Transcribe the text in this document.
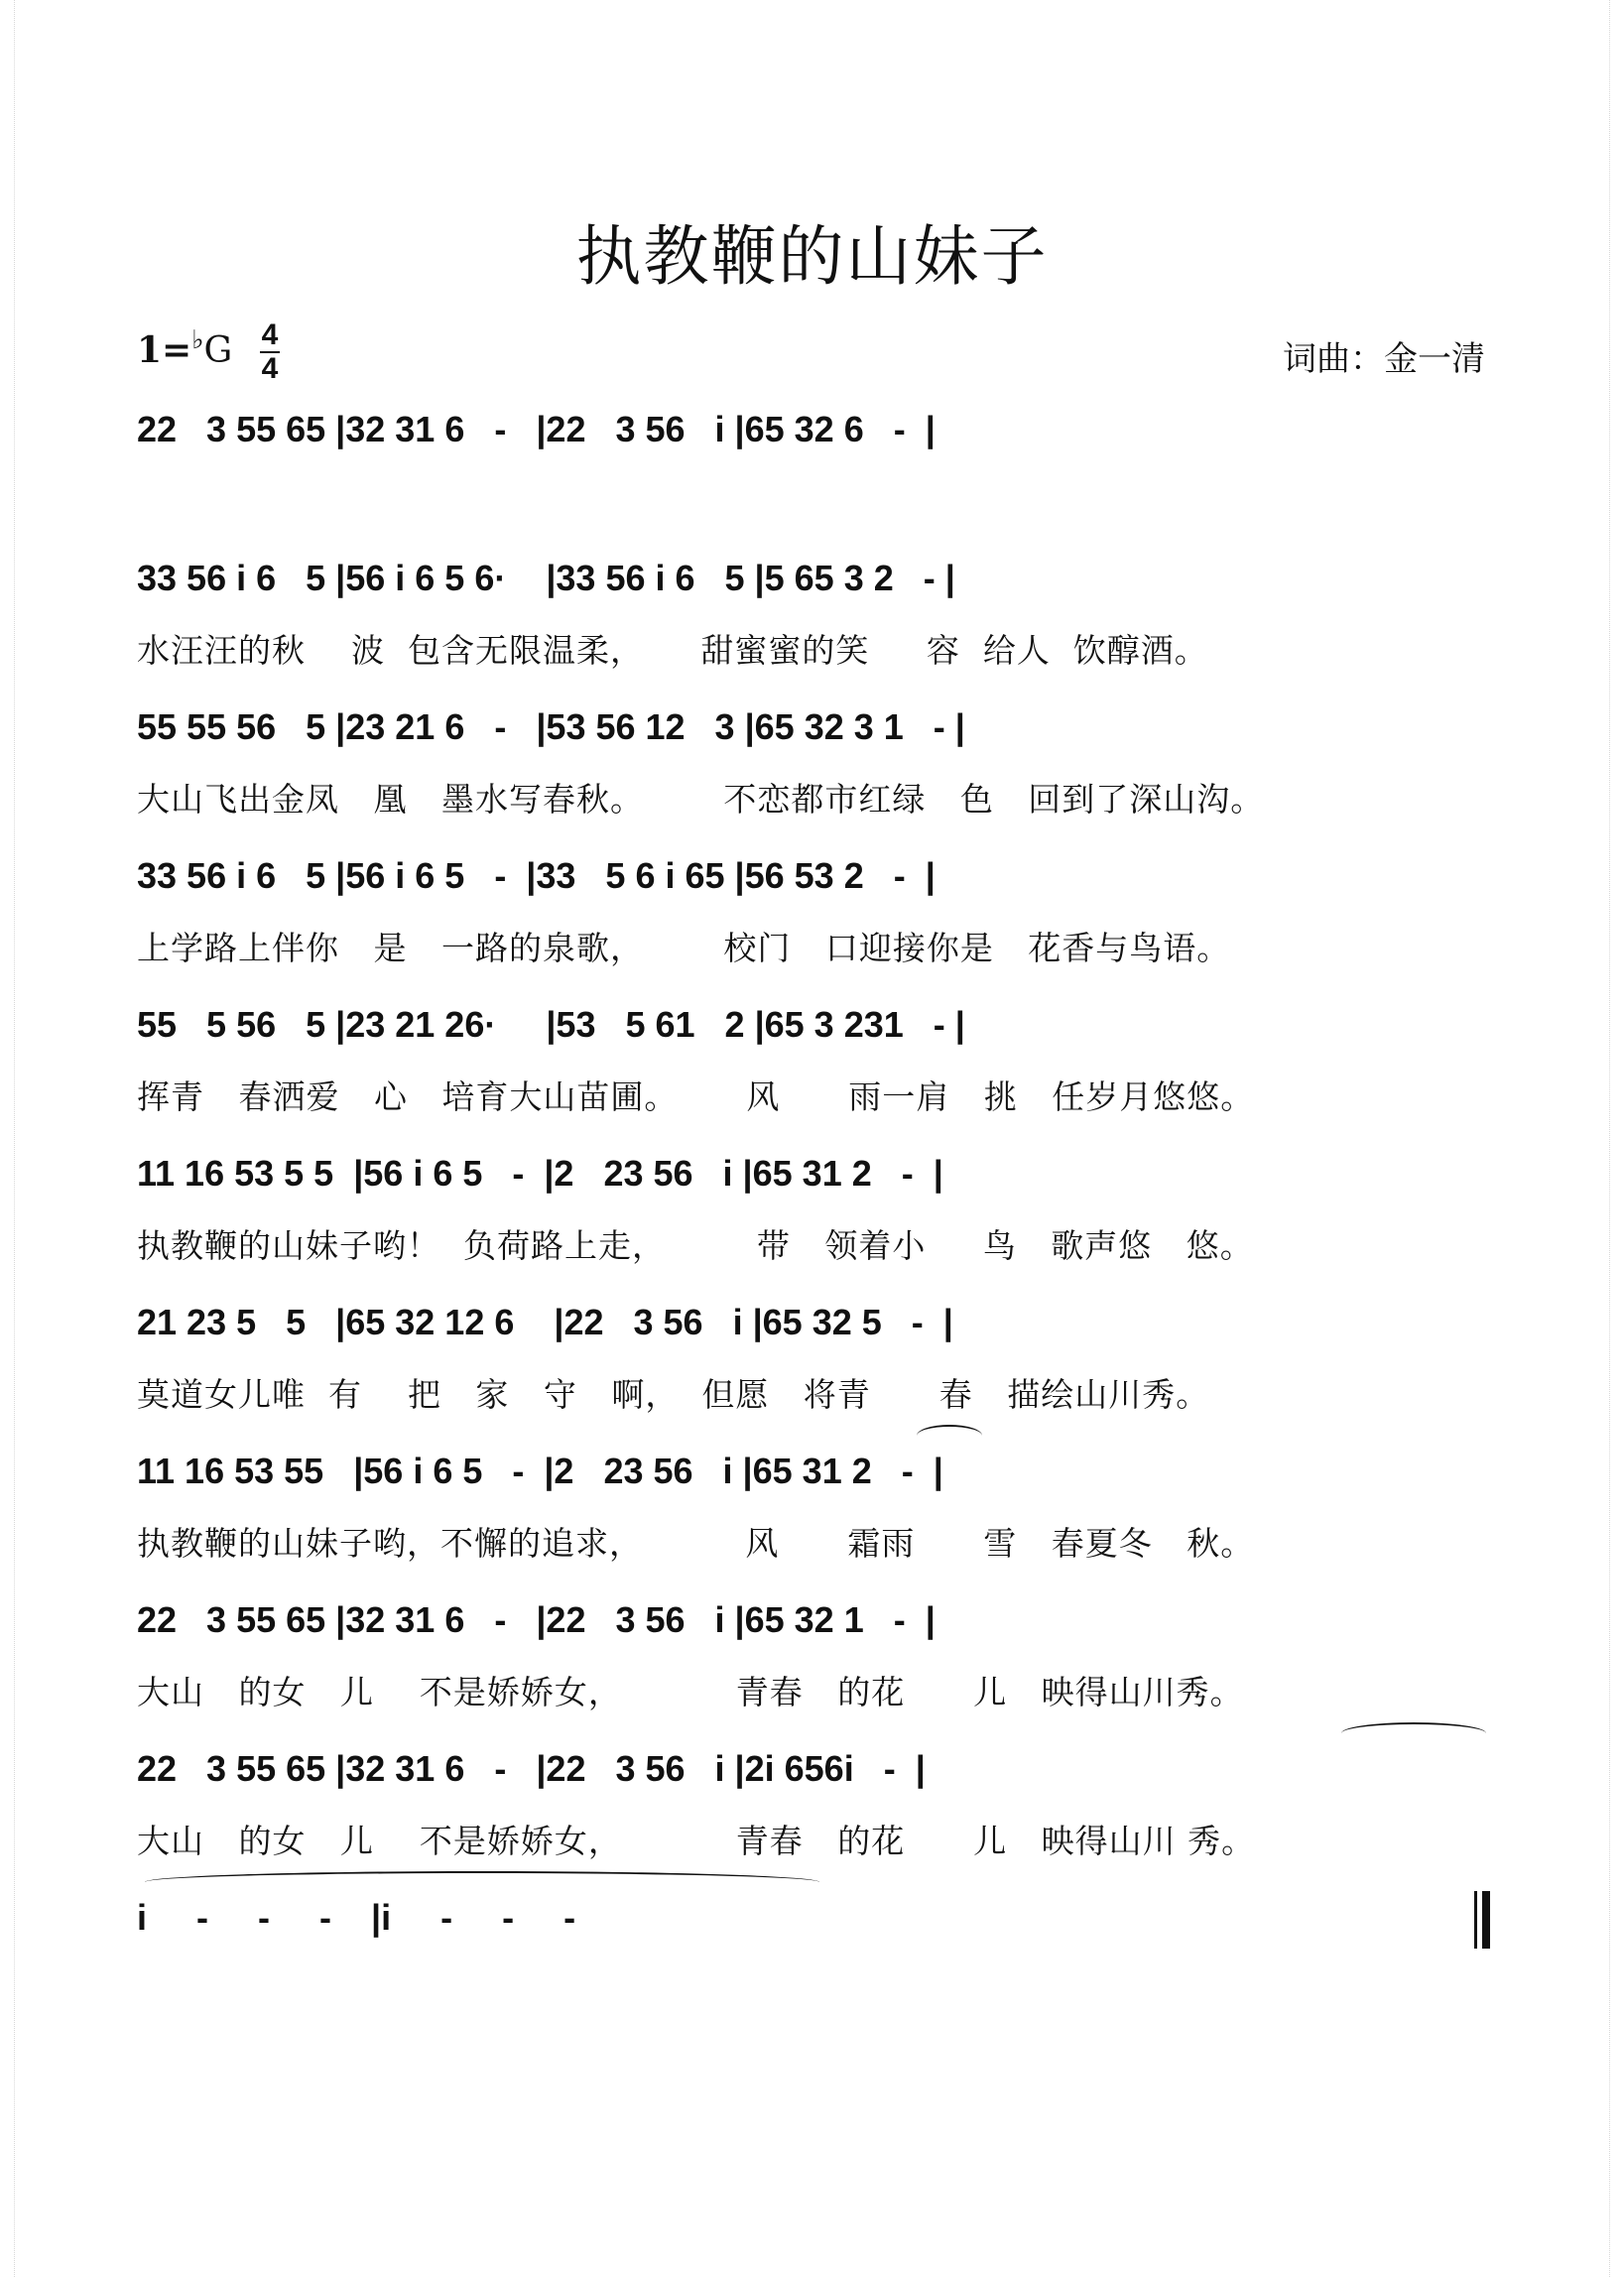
执教鞭的山妹子
1=♭G 4
4	词曲：金一清
22   3 55 65 |32 31 6   -   |22   3 56   i |65 32 6   -  |
33 56 i 6   5 |56 i 6 5 6·    |33 56 i 6   5 |5 65 3 2   - |
水汪汪的秋    波  包含无限温柔，     甜蜜蜜的笑     容  给人  饮醇酒。
55 55 56   5 |23 21 6   -   |53 56 12   3 |65 32 3 1   - |
大山飞出金凤   凰   墨水写春秋。       不恋都市红绿   色   回到了深山沟。
33 56 i 6   5 |56 i 6 5   -  |33   5 6 i 65 |56 53 2   -  |
上学路上伴你   是   一路的泉歌，       校门   口迎接你是   花香与鸟语。
55   5 56   5 |23 21 26·     |53   5 61   2 |65 3 231   - |
挥青   春洒爱   心   培育大山苗圃。      风      雨一肩   挑   任岁月悠悠。
11 16 53 5 5  |56 i 6 5   -  |2   23 56   i |65 31 2   -  |
执教鞭的山妹子哟！  负荷路上走，        带   领着小     鸟   歌声悠   悠。
21 23 5   5   |65 32 12 6    |22   3 56   i |65 32 5   -  |
莫道女儿唯  有    把   家   守   啊，  但愿   将青      春   描绘山川秀。
11 16 53 55   |56 i 6 5   -  |2   23 56   i |65 31 2   -  |
执教鞭的山妹子哟，不懈的追求，         风      霜雨      雪   春夏冬   秋。
22   3 55 65 |32 31 6   -   |22   3 56   i |65 32 1   -  |
大山   的女   儿    不是娇娇女，          青春   的花      儿   映得山川秀。
22   3 55 65 |32 31 6   -   |22   3 56   i |2i 656i   -  |
大山   的女   儿    不是娇娇女，          青春   的花      儿   映得山川 秀。
i     -     -     -    |i     -     -     -
